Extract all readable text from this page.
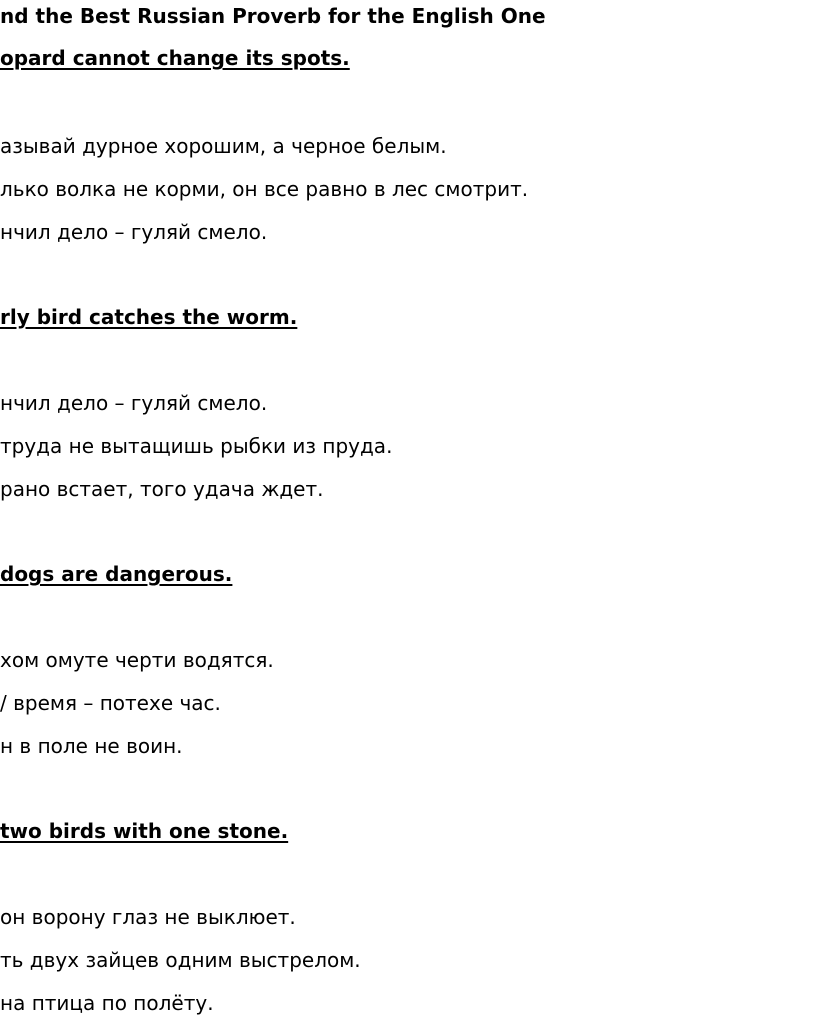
nd the Best Russian Proverb for the English One
opard cannot change its spots.
азывай дурное хорошим, а черное белым.
лько волка не корми, он все равно в лес смотрит.
нчил дело – гуляй смело.
rly bird catches the worm.
нчил дело – гуляй смело.
труда не вытащишь рыбки из пруда.
рано встает, того удача ждет.
dogs are dangerous.
хом омуте черти водятся.
/ время – потехе час.
н в поле не воин.
two birds with one stone.
он ворону глаз не выклюет.
ть двух зайцев одним выстрелом.
на птица по полёту.
